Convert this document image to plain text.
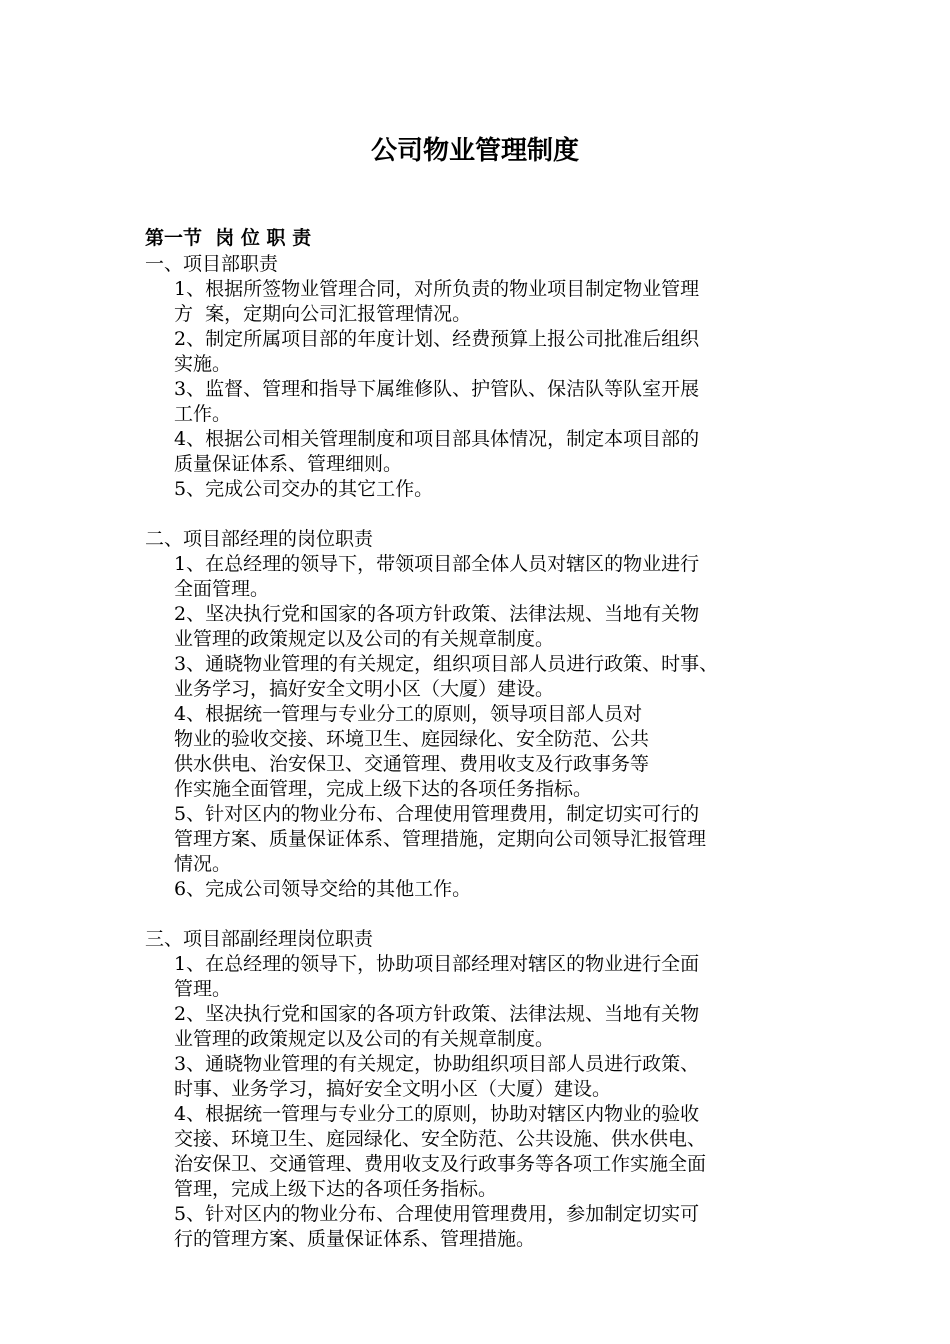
公司物业管理制度
第一节  岗 位 职 责
一、项目部职责
1、根据所签物业管理合同，对所负责的物业项目制定物业管理
方  案，定期向公司汇报管理情况。
2、制定所属项目部的年度计划、经费预算上报公司批准后组织
实施。
3、监督、管理和指导下属维修队、护管队、保洁队等队室开展
工作。
4、根据公司相关管理制度和项目部具体情况，制定本项目部的
质量保证体系、管理细则。
5、完成公司交办的其它工作。
二、项目部经理的岗位职责
1、在总经理的领导下，带领项目部全体人员对辖区的物业进行
全面管理。
2、坚决执行党和国家的各项方针政策、法律法规、当地有关物
业管理的政策规定以及公司的有关规章制度。
3、通晓物业管理的有关规定，组织项目部人员进行政策、时事、
业务学习，搞好安全文明小区（大厦）建设。
4、根据统一管理与专业分工的原则，领导项目部人员对
物业的验收交接、环境卫生、庭园绿化、安全防范、公共
供水供电、治安保卫、交通管理、费用收支及行政事务等
作实施全面管理，完成上级下达的各项任务指标。
5、针对区内的物业分布、合理使用管理费用，制定切实可行的
管理方案、质量保证体系、管理措施，定期向公司领导汇报管理
情况。
6、完成公司领导交给的其他工作。
三、项目部副经理岗位职责
1、在总经理的领导下，协助项目部经理对辖区的物业进行全面
管理。
2、坚决执行党和国家的各项方针政策、法律法规、当地有关物
业管理的政策规定以及公司的有关规章制度。
3、通晓物业管理的有关规定，协助组织项目部人员进行政策、
时事、业务学习，搞好安全文明小区（大厦）建设。
4、根据统一管理与专业分工的原则，协助对辖区内物业的验收
交接、环境卫生、庭园绿化、安全防范、公共设施、供水供电、
治安保卫、交通管理、费用收支及行政事务等各项工作实施全面
管理，完成上级下达的各项任务指标。
5、针对区内的物业分布、合理使用管理费用，参加制定切实可
行的管理方案、质量保证体系、管理措施。
